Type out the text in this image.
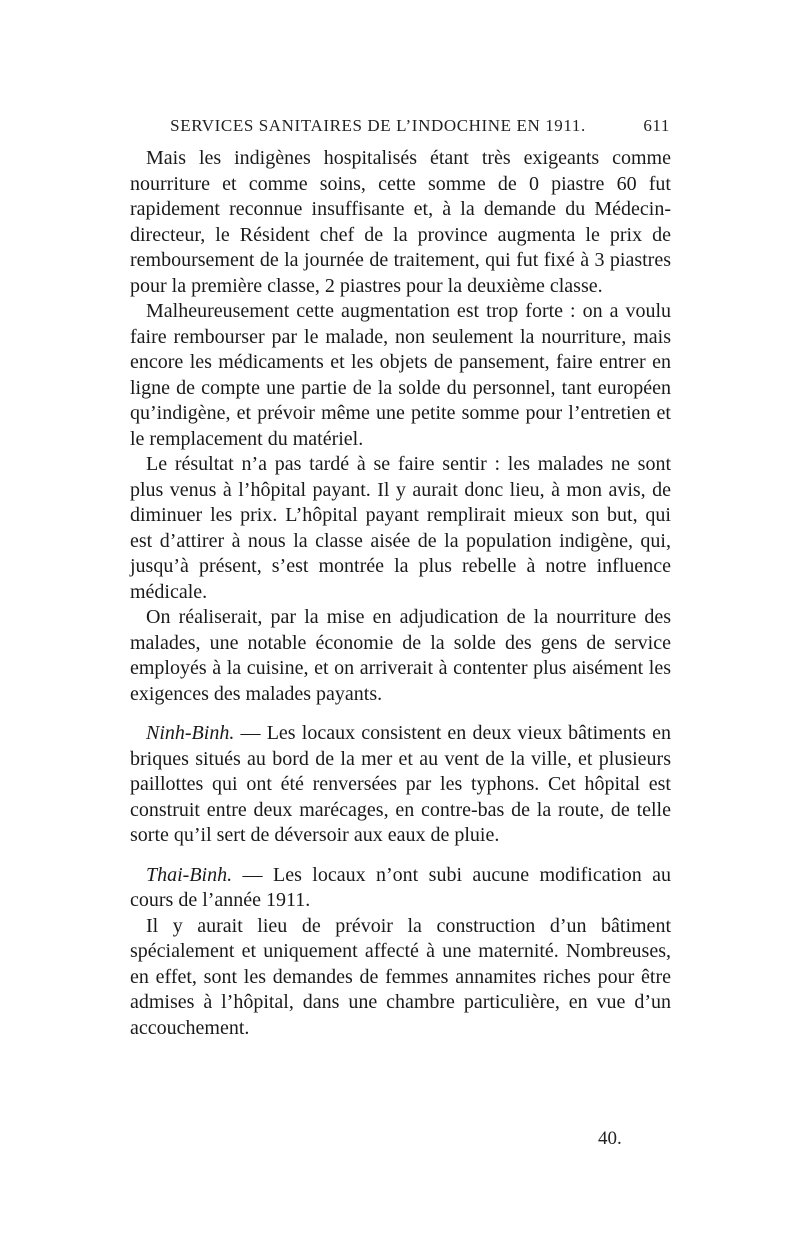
SERVICES SANITAIRES DE L’INDOCHINE EN 1911.	611

Mais les indigènes hospitalisés étant très exigeants comme nourriture et comme soins, cette somme de 0 piastre 60 fut rapidement reconnue insuffisante et, à la demande du Médecin-directeur, le Résident chef de la province augmenta le prix de remboursement de la journée de traitement, qui fut fixé à 3 piastres pour la première classe, 2 piastres pour la deuxième classe.

Malheureusement cette augmentation est trop forte : on a voulu faire rembourser par le malade, non seulement la nourriture, mais encore les médicaments et les objets de pansement, faire entrer en ligne de compte une partie de la solde du personnel, tant européen qu’indigène, et prévoir même une petite somme pour l’entretien et le remplacement du matériel.

Le résultat n’a pas tardé à se faire sentir : les malades ne sont plus venus à l’hôpital payant. Il y aurait donc lieu, à mon avis, de diminuer les prix. L’hôpital payant remplirait mieux son but, qui est d’attirer à nous la classe aisée de la population indigène, qui, jusqu’à présent, s’est montrée la plus rebelle à notre influence médicale.

On réaliserait, par la mise en adjudication de la nourriture des malades, une notable économie de la solde des gens de service employés à la cuisine, et on arriverait à contenter plus aisément les exigences des malades payants.

Ninh-Binh. — Les locaux consistent en deux vieux bâtiments en briques situés au bord de la mer et au vent de la ville, et plusieurs paillottes qui ont été renversées par les typhons. Cet hôpital est construit entre deux marécages, en contre-bas de la route, de telle sorte qu’il sert de déversoir aux eaux de pluie.

Thai-Binh. — Les locaux n’ont subi aucune modification au cours de l’année 1911.

Il y aurait lieu de prévoir la construction d’un bâtiment spécialement et uniquement affecté à une maternité. Nombreuses, en effet, sont les demandes de femmes annamites riches pour être admises à l’hôpital, dans une chambre particulière, en vue d’un accouchement.

40.
